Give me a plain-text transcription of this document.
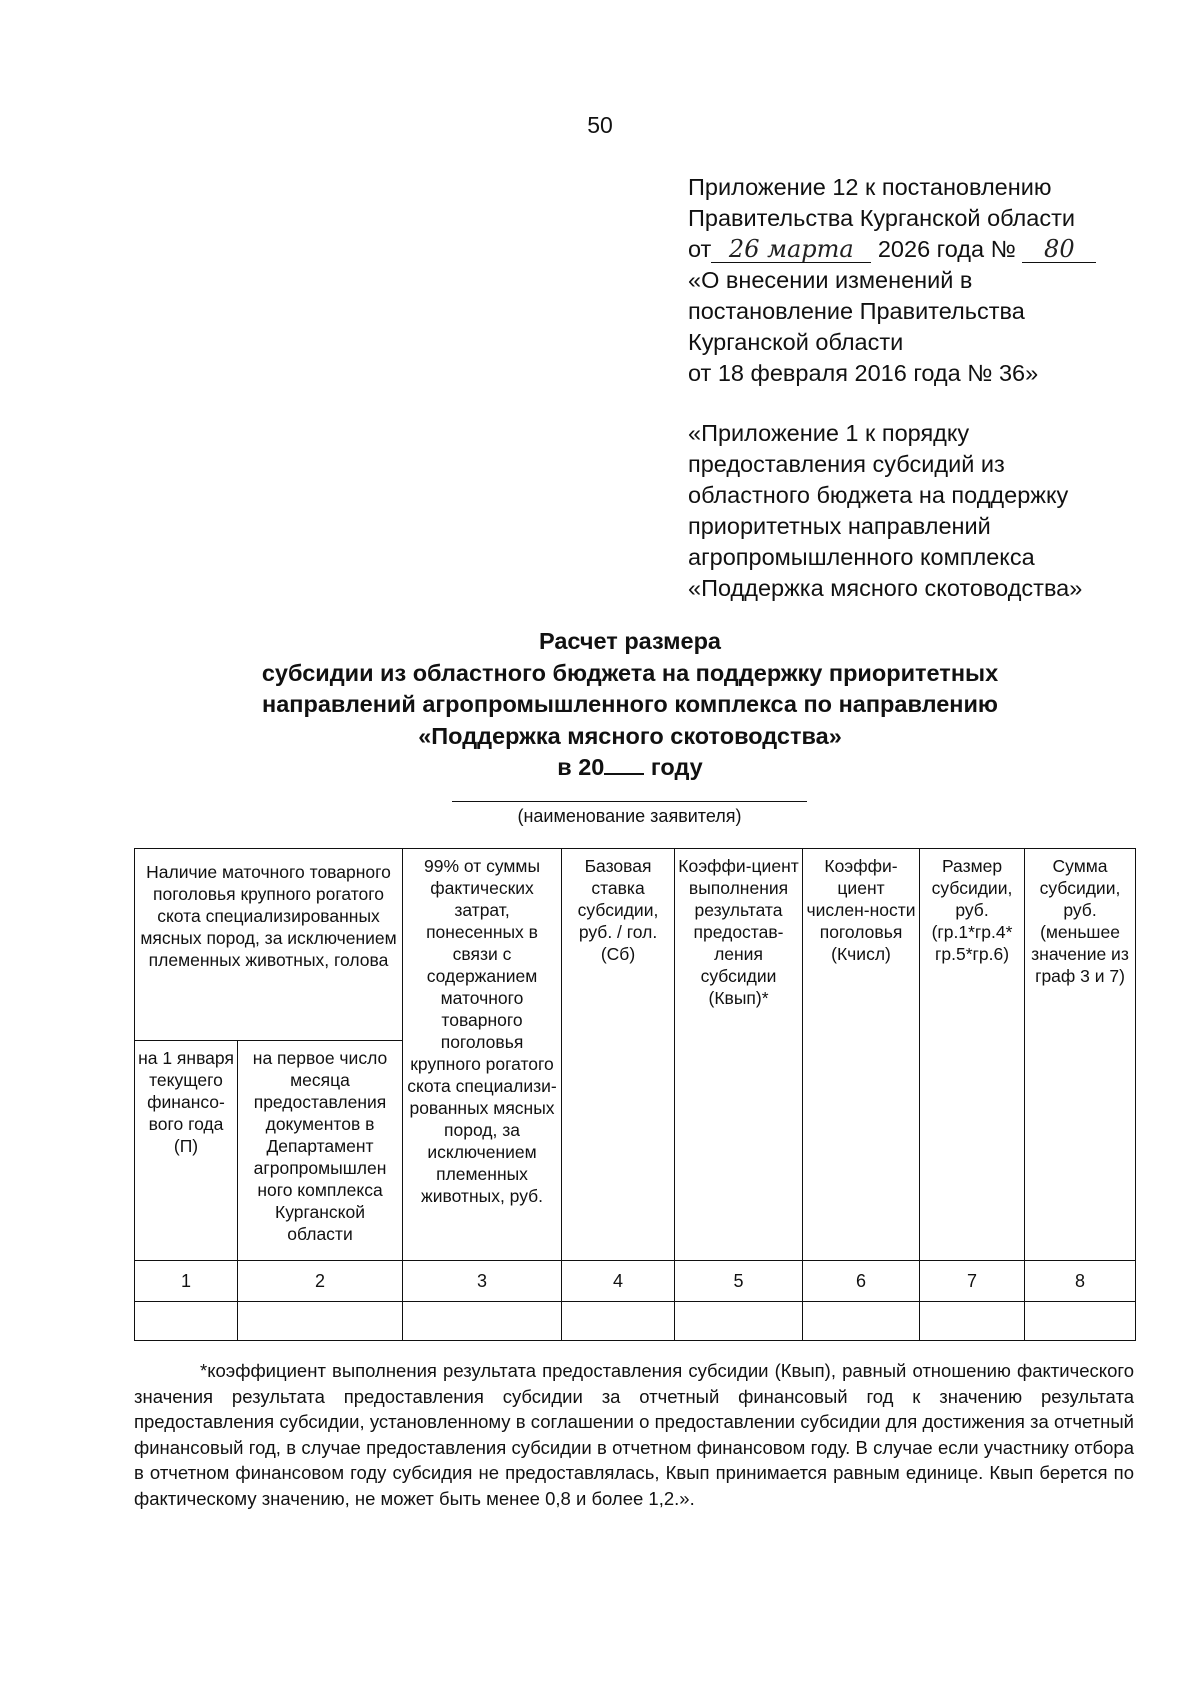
50
Приложение 12 к постановлению
Правительства Курганской области
от 26 марта 2026 года № 80
«О внесении изменений в
постановление Правительства
Курганской области
от 18 февраля 2016 года № 36»
«Приложение 1 к порядку
предоставления субсидий из
областного бюджета на поддержку
приоритетных направлений
агропромышленного комплекса
«Поддержка мясного скотоводства»
Расчет размера
субсидии из областного бюджета на поддержку приоритетных
направлений агропромышленного комплекса по направлению
«Поддержка мясного скотоводства»
в 20 году
(наименование заявителя)
Наличие маточного товарного поголовья крупного рогатого скота специализированных мясных пород, за исключением племенных животных, голова		99% от суммы фактических затрат, понесенных в связи с содержанием маточного товарного поголовья крупного рогатого скота специализи-рованных мясных пород, за исключением племенных животных, руб.	Базовая ставка субсидии, руб. / гол. (Сб)	Коэффи-циент выполнения результата предостав-ления субсидии (Квып)*	Коэффи-циент числен-ности поголовья (Кчисл)	Размер субсидии, руб. (гр.1*гр.4* гр.5*гр.6)	Сумма субсидии, руб. (меньшее значение из граф 3 и 7)
на 1 января текущего финансо-вого года (П)	на первое число месяца предоставления документов в Департамент агропромышлен ного комплекса Курганской области						
1	2	3	4	5	6	7	8

*коэффициент выполнения результата предоставления субсидии (Квып), равный отношению фактического значения результата предоставления субсидии за отчетный финансовый год к значению результата предоставления субсидии, установленному в соглашении о предоставлении субсидии для достижения за отчетный финансовый год, в случае предоставления субсидии в отчетном финансовом году. В случае если участнику отбора в отчетном финансовом году субсидия не предоставлялась, Квып принимается равным единице. Квып берется по фактическому значению, не может быть менее 0,8 и более 1,2.».
